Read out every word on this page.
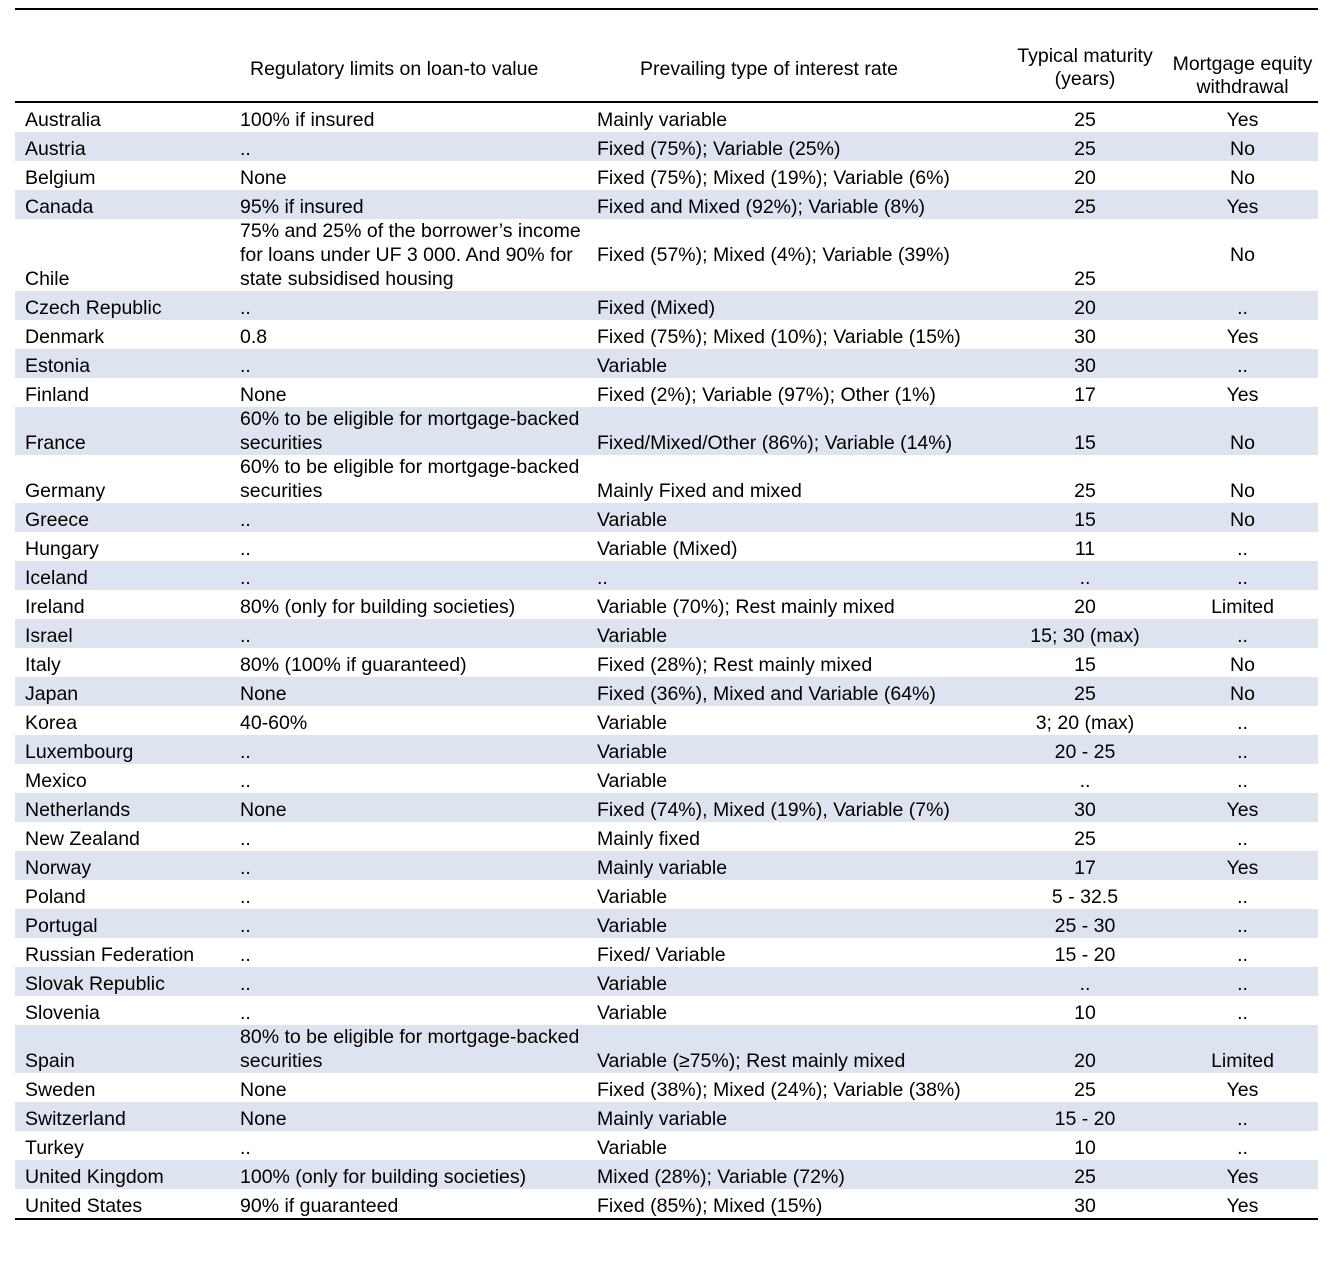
	Regulatory limits on loan-to value	Prevailing type of interest rate	Typical maturity (years)	Mortgage equity withdrawal
Australia	100% if insured	Mainly variable	25	Yes
Austria	..	Fixed (75%); Variable (25%)	25	No
Belgium	None	Fixed (75%); Mixed (19%); Variable (6%)	20	No
Canada	95% if insured	Fixed and Mixed (92%); Variable (8%)	25	Yes
Chile	75% and 25% of the borrower’s income for loans under UF 3 000. And 90% for state subsidised housing	Fixed (57%); Mixed (4%); Variable (39%)	25	No
Czech Republic	..	Fixed (Mixed)	20	..
Denmark	0.8	Fixed (75%); Mixed (10%); Variable (15%)	30	Yes
Estonia	..	Variable	30	..
Finland	None	Fixed (2%); Variable (97%); Other (1%)	17	Yes
France	60% to be eligible for mortgage-backed securities	Fixed/Mixed/Other (86%); Variable (14%)	15	No
Germany	60% to be eligible for mortgage-backed securities	Mainly Fixed and mixed	25	No
Greece	..	Variable	15	No
Hungary	..	Variable (Mixed)	11	..
Iceland	..	..	..	..
Ireland	80% (only for building societies)	Variable (70%); Rest mainly mixed	20	Limited
Israel	..	Variable	15; 30 (max)	..
Italy	80% (100% if guaranteed)	Fixed (28%); Rest mainly mixed	15	No
Japan	None	Fixed (36%), Mixed and Variable (64%)	25	No
Korea	40-60%	Variable	3; 20 (max)	..
Luxembourg	..	Variable	20 - 25	..
Mexico	..	Variable	..	..
Netherlands	None	Fixed (74%), Mixed (19%), Variable (7%)	30	Yes
New Zealand	..	Mainly fixed	25	..
Norway	..	Mainly variable	17	Yes
Poland	..	Variable	5 - 32.5	..
Portugal	..	Variable	25 - 30	..
Russian Federation	..	Fixed/ Variable	15 - 20	..
Slovak Republic	..	Variable	..	..
Slovenia	..	Variable	10	..
Spain	80% to be eligible for mortgage-backed securities	Variable (≥75%); Rest mainly mixed	20	Limited
Sweden	None	Fixed (38%); Mixed (24%); Variable (38%)	25	Yes
Switzerland	None	Mainly variable	15 - 20	..
Turkey	..	Variable	10	..
United Kingdom	100% (only for building societies)	Mixed (28%); Variable (72%)	25	Yes
United States	90% if guaranteed	Fixed (85%); Mixed (15%)	30	Yes
